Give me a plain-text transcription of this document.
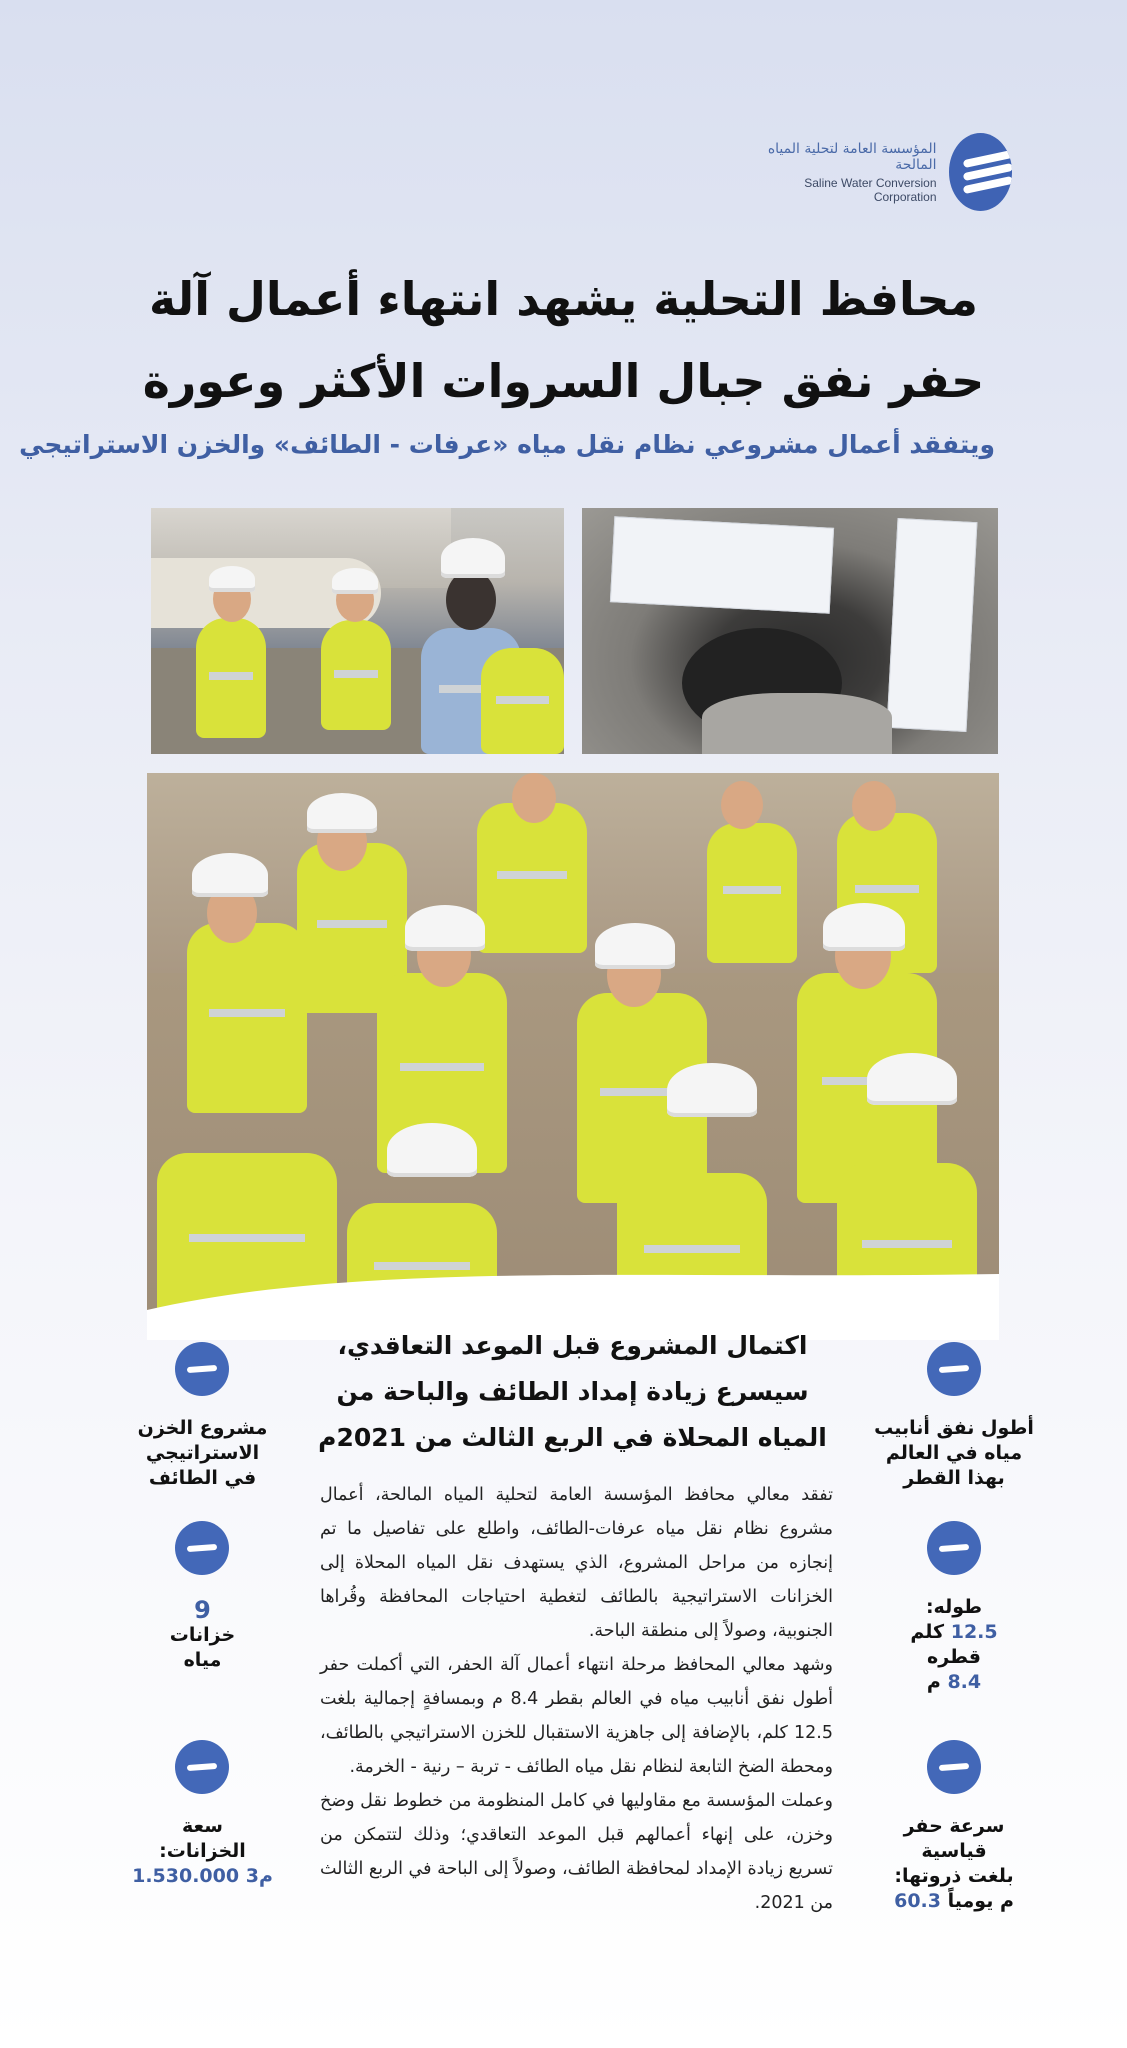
المؤسسة العامة لتحلية المياه المالحة
Saline Water Conversion Corporation
محافظ التحلية يشهد انتهاء أعمال آلة حفر نفق جبال السروات الأكثر وعورة
ويتفقد أعمال مشروعي نظام نقل مياه «عرفات - الطائف» والخزن الاستراتيجي
اكتمال المشروع قبل الموعد التعاقدي، سيسرع زيادة إمداد الطائف والباحة من المياه المحلاة في الربع الثالث من 2021م

تفقد معالي محافظ المؤسسة العامة لتحلية المياه المالحة، أعمال مشروع نظام نقل مياه عرفات-الطائف، واطلع على تفاصيل ما تم إنجازه من مراحل المشروع، الذي يستهدف نقل المياه المحلاة إلى الخزانات الاستراتيجية بالطائف لتغطية احتياجات المحافظة وقُراها الجنوبية، وصولاً إلى منطقة الباحة.

وشهد معالي المحافظ مرحلة انتهاء أعمال آلة الحفر، التي أكملت حفر أطول نفق أنابيب مياه في العالم بقطر 8.4 م وبمسافةٍ إجمالية بلغت 12.5 كلم، بالإضافة إلى جاهزية الاستقبال للخزن الاستراتيجي بالطائف، ومحطة الضخ التابعة لنظام نقل مياه الطائف - تربة – رنية - الخرمة.

وعملت المؤسسة مع مقاوليها في كامل المنظومة من خطوط نقل وضخ وخزن، على إنهاء أعمالهم قبل الموعد التعاقدي؛ وذلك لتتمكن من تسريع زيادة الإمداد لمحافظة الطائف، وصولاً إلى الباحة في الربع الثالث من 2021.

أطول نفق أنابيب
مياه في العالم
بهذا القطر
طوله:
12.5 كلم
قطره
8.4 م
سرعة حفر قياسية
بلغت ذروتها:
م يومياً 60.3
مشروع الخزن
الاستراتيجي
في الطائف
9
خزانات
مياه
سعة
الخزانات:
م3 1.530.000
